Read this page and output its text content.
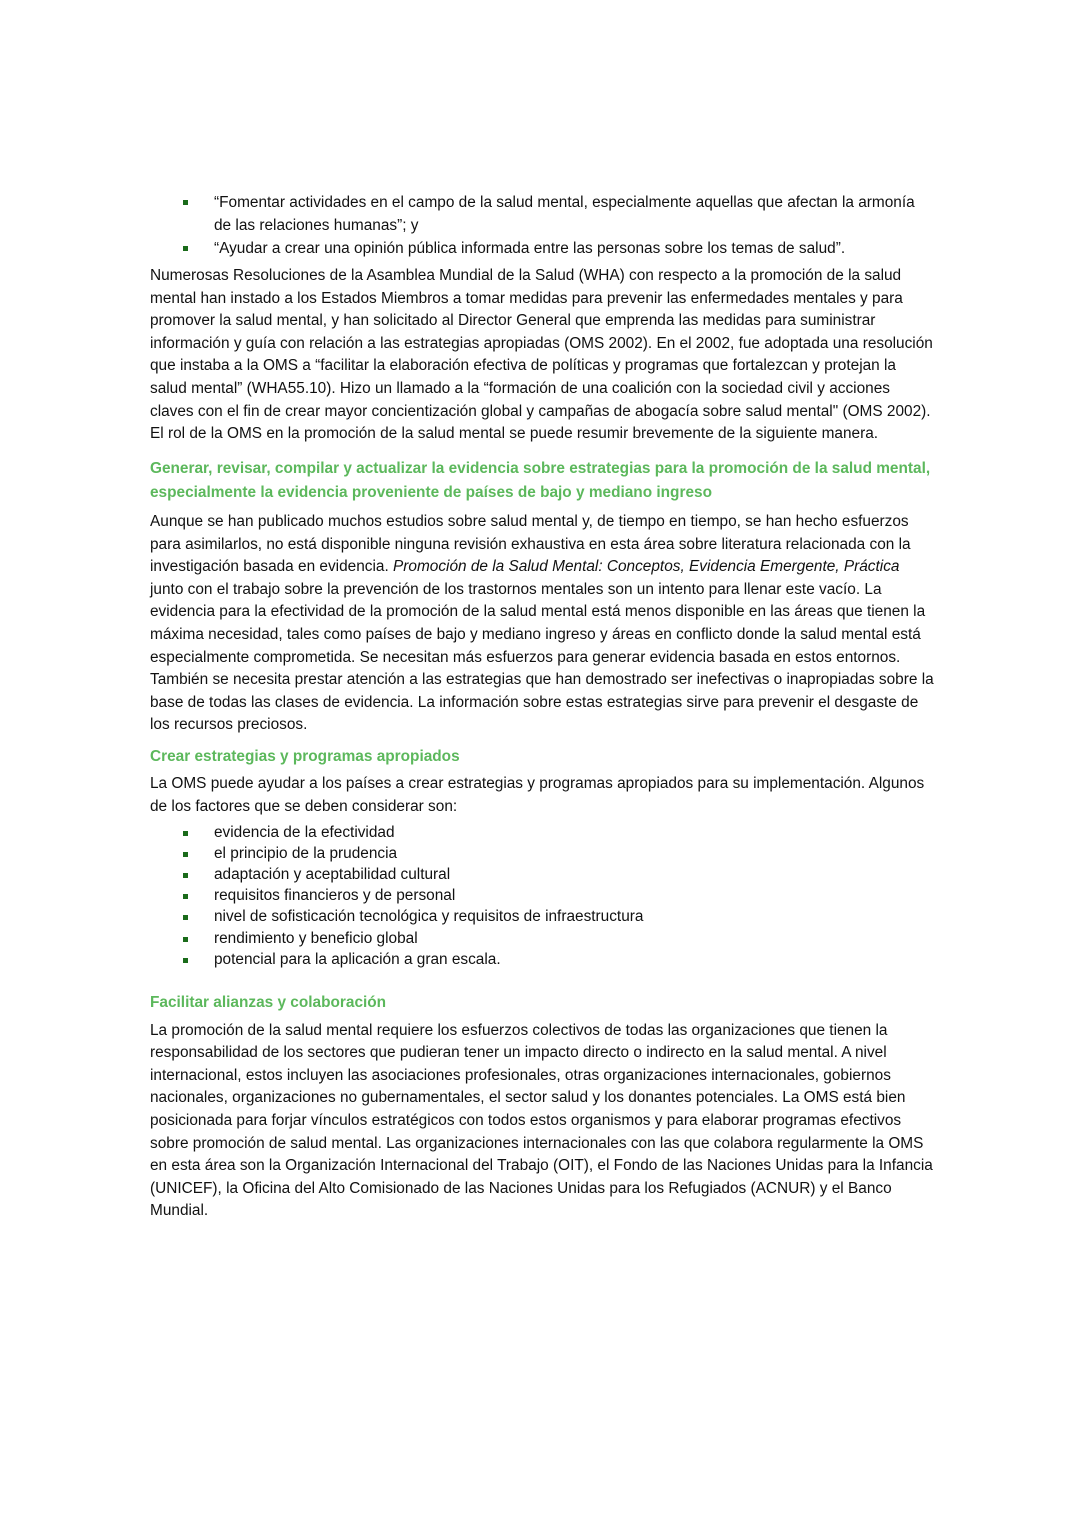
“Fomentar actividades en el campo de la salud mental, especialmente aquellas que afectan la armonía de las relaciones humanas”; y
“Ayudar a crear una opinión pública informada entre las personas sobre los temas de salud”.

Numerosas Resoluciones de la Asamblea Mundial de la Salud (WHA) con respecto a la promoción de la salud mental han instado a los Estados Miembros a tomar medidas para prevenir las enfermedades mentales y para promover la salud mental, y han solicitado al Director General que emprenda las medidas para suministrar información y guía con relación a las estrategias apropiadas (OMS 2002). En el 2002, fue adoptada una resolución que instaba a la OMS a “facilitar la elaboración efectiva de políticas y programas que fortalezcan y protejan la salud mental” (WHA55.10). Hizo un llamado a la “formación de una coalición con la sociedad civil y acciones claves con el fin de crear mayor concientización global y campañas de abogacía sobre salud mental" (OMS 2002).

El rol de la OMS en la promoción de la salud mental se puede resumir brevemente de la siguiente manera.

Generar, revisar, compilar y actualizar la evidencia sobre estrategias para la promoción de la salud mental, especialmente la evidencia proveniente de países de bajo y mediano ingreso

Aunque se han publicado muchos estudios sobre salud mental y, de tiempo en tiempo, se han hecho esfuerzos para asimilarlos, no está disponible ninguna revisión exhaustiva en esta área sobre literatura relacionada con la investigación basada en evidencia. Promoción de la Salud Mental: Conceptos, Evidencia Emergente, Práctica junto con el trabajo sobre la prevención de los trastornos mentales son un intento para llenar este vacío. La evidencia para la efectividad de la promoción de la salud mental está menos disponible en las áreas que tienen la máxima necesidad, tales como países de bajo y mediano ingreso y áreas en conflicto donde la salud mental está especialmente comprometida. Se necesitan más esfuerzos para generar evidencia basada en estos entornos. También se necesita prestar atención a las estrategias que han demostrado ser inefectivas o inapropiadas sobre la base de todas las clases de evidencia. La información sobre estas estrategias sirve para prevenir el desgaste de los recursos preciosos.

Crear estrategias y programas apropiados

La OMS puede ayudar a los países a crear estrategias y programas apropiados para su implementación. Algunos de los factores que se deben considerar son:

evidencia de la efectividad
el principio de la prudencia
adaptación y aceptabilidad cultural
requisitos financieros y de personal
nivel de sofisticación tecnológica y requisitos de infraestructura
rendimiento y beneficio global
potencial para la aplicación a gran escala.
Facilitar alianzas y colaboración

La promoción de la salud mental requiere los esfuerzos colectivos de todas las organizaciones que tienen la responsabilidad de los sectores que pudieran tener un impacto directo o indirecto en la salud mental. A nivel internacional, estos incluyen las asociaciones profesionales, otras organizaciones internacionales, gobiernos nacionales, organizaciones no gubernamentales, el sector salud y los donantes potenciales. La OMS está bien posicionada para forjar vínculos estratégicos con todos estos organismos y para elaborar programas efectivos sobre promoción de salud mental. Las organizaciones internacionales con las que colabora regularmente la OMS en esta área son la Organización Internacional del Trabajo (OIT), el Fondo de las Naciones Unidas para la Infancia (UNICEF), la Oficina del Alto Comisionado de las Naciones Unidas para los Refugiados (ACNUR) y el Banco Mundial.
